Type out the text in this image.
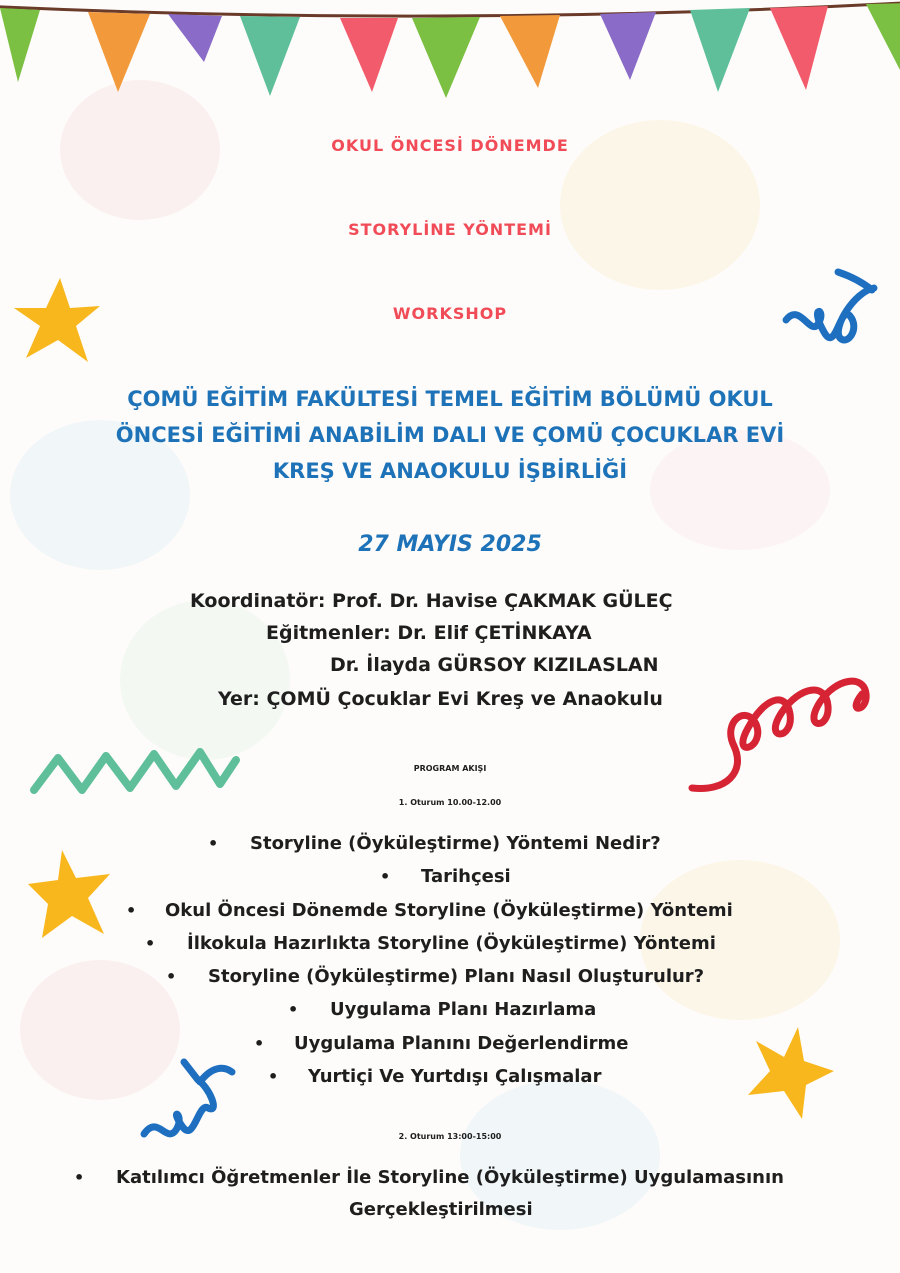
OKUL ÖNCESİ DÖNEMDE
STORYLİNE YÖNTEMİ
WORKSHOP
ÇOMÜ EĞİTİM FAKÜLTESİ TEMEL EĞİTİM BÖLÜMÜ OKUL
ÖNCESİ EĞİTİMİ ANABİLİM DALI VE ÇOMÜ ÇOCUKLAR EVİ
KREŞ VE ANAOKULU İŞBİRLİĞİ
27 MAYIS 2025
Koordinatör: Prof. Dr. Havise ÇAKMAK GÜLEÇ
Eğitmenler: Dr. Elif ÇETİNKAYA
Dr. İlayda GÜRSOY KIZILASLAN
Yer: ÇOMÜ Çocuklar Evi Kreş ve Anaokulu
PROGRAM AKIŞI
1. Oturum 10.00-12.00
• Storyline (Öyküleştirme) Yöntemi Nedir?
• Tarihçesi
• Okul Öncesi Dönemde Storyline (Öyküleştirme) Yöntemi
• İlkokula Hazırlıkta Storyline (Öyküleştirme) Yöntemi
• Storyline (Öyküleştirme) Planı Nasıl Oluşturulur?
• Uygulama Planı Hazırlama
• Uygulama Planını Değerlendirme
• Yurtiçi Ve Yurtdışı Çalışmalar
2. Oturum 13:00-15:00
• Katılımcı Öğretmenler İle Storyline (Öyküleştirme) Uygulamasının
Gerçekleştirilmesi
